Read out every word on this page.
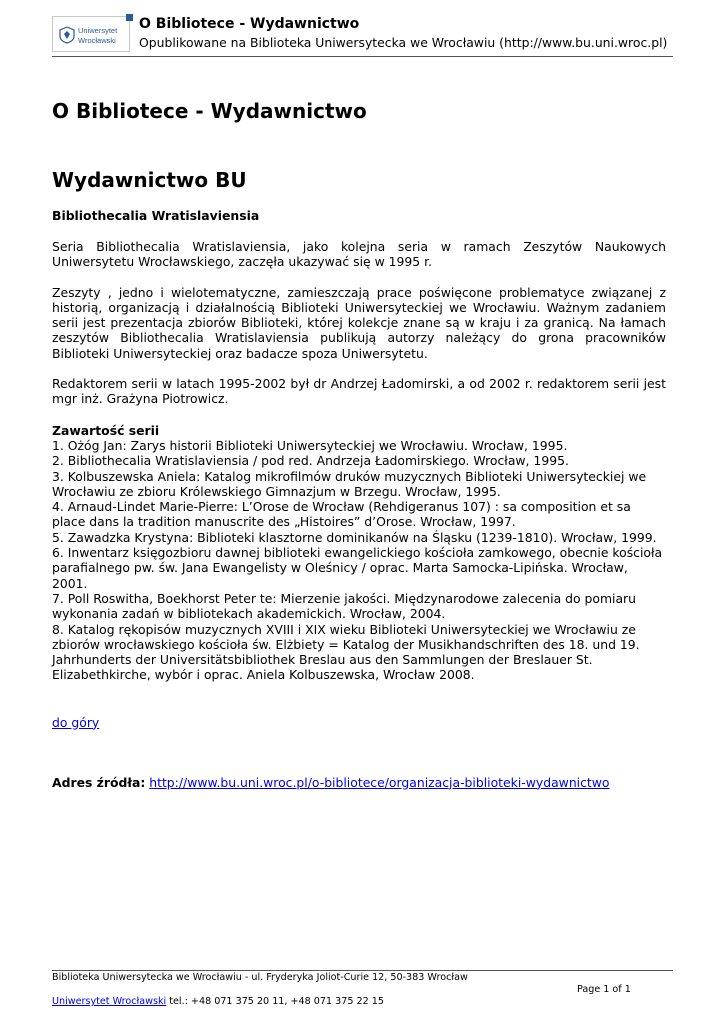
Uniwersytet
Wrocławski
O Bibliotece - Wydawnictwo
Opublikowane na Biblioteka Uniwersytecka we Wrocławiu (http://www.bu.uni.wroc.pl)
O Bibliotece - Wydawnictwo
Wydawnictwo BU
Bibliothecalia Wratislaviensia

Seria Bibliothecalia Wratislaviensia, jako kolejna seria w ramach Zeszytów Naukowych Uniwersytetu Wrocławskiego, zaczęła ukazywać się w 1995 r.

Zeszyty , jedno i wielotematyczne, zamieszczają prace poświęcone problematyce związanej z historią, organizacją i działalnością Biblioteki Uniwersyteckiej we Wrocławiu. Ważnym zadaniem serii jest prezentacja zbiorów Biblioteki, której kolekcje znane są w kraju i za granicą. Na łamach zeszytów Bibliothecalia Wratislaviensia publikują autorzy należący do grona pracowników Biblioteki Uniwersyteckiej oraz badacze spoza Uniwersytetu.

Redaktorem serii w latach 1995-2002 był dr Andrzej Ładomirski, a od 2002 r. redaktorem serii jest mgr inż. Grażyna Piotrowicz.

Zawartość serii
1. Ożóg Jan: Zarys historii Biblioteki Uniwersyteckiej we Wrocławiu. Wrocław, 1995.
2. Bibliothecalia Wratislaviensia / pod red. Andrzeja Ładomirskiego. Wrocław, 1995.
3. Kolbuszewska Aniela: Katalog mikrofilmów druków muzycznych Biblioteki Uniwersyteckiej we Wrocławiu ze zbioru Królewskiego Gimnazjum w Brzegu. Wrocław, 1995.
4. Arnaud-Lindet Marie-Pierre: L’Orose de Wrocław (Rehdigeranus 107) : sa composition et sa place dans la tradition manuscrite des „Histoires” d’Orose. Wrocław, 1997.
5. Zawadzka Krystyna: Biblioteki klasztorne dominikanów na Śląsku (1239-1810). Wrocław, 1999.
6. Inwentarz księgozbioru dawnej biblioteki ewangelickiego kościoła zamkowego, obecnie kościoła parafialnego pw. św. Jana Ewangelisty w Oleśnicy / oprac. Marta Samocka-Lipińska. Wrocław, 2001.
7. Poll Roswitha, Boekhorst Peter te: Mierzenie jakości. Międzynarodowe zalecenia do pomiaru wykonania zadań w bibliotekach akademickich. Wrocław, 2004.
8. Katalog rękopisów muzycznych XVIII i XIX wieku Biblioteki Uniwersyteckiej we Wrocławiu ze zbiorów wrocławskiego kościoła św. Elżbiety = Katalog der Musikhandschriften des 18. und 19. Jahrhunderts der Universitätsbibliothek Breslau aus den Sammlungen der Breslauer St. Elizabethkirche, wybór i oprac. Aniela Kolbuszewska, Wrocław 2008.
do góry
Adres źródła: http://www.bu.uni.wroc.pl/o-bibliotece/organizacja-biblioteki-wydawnictwo
Biblioteka Uniwersytecka we Wrocławiu - ul. Fryderyka Joliot-Curie 12, 50-383 Wrocław
Page 1 of 1
Uniwersytet Wrocławski tel.: +48 071 375 20 11, +48 071 375 22 15
